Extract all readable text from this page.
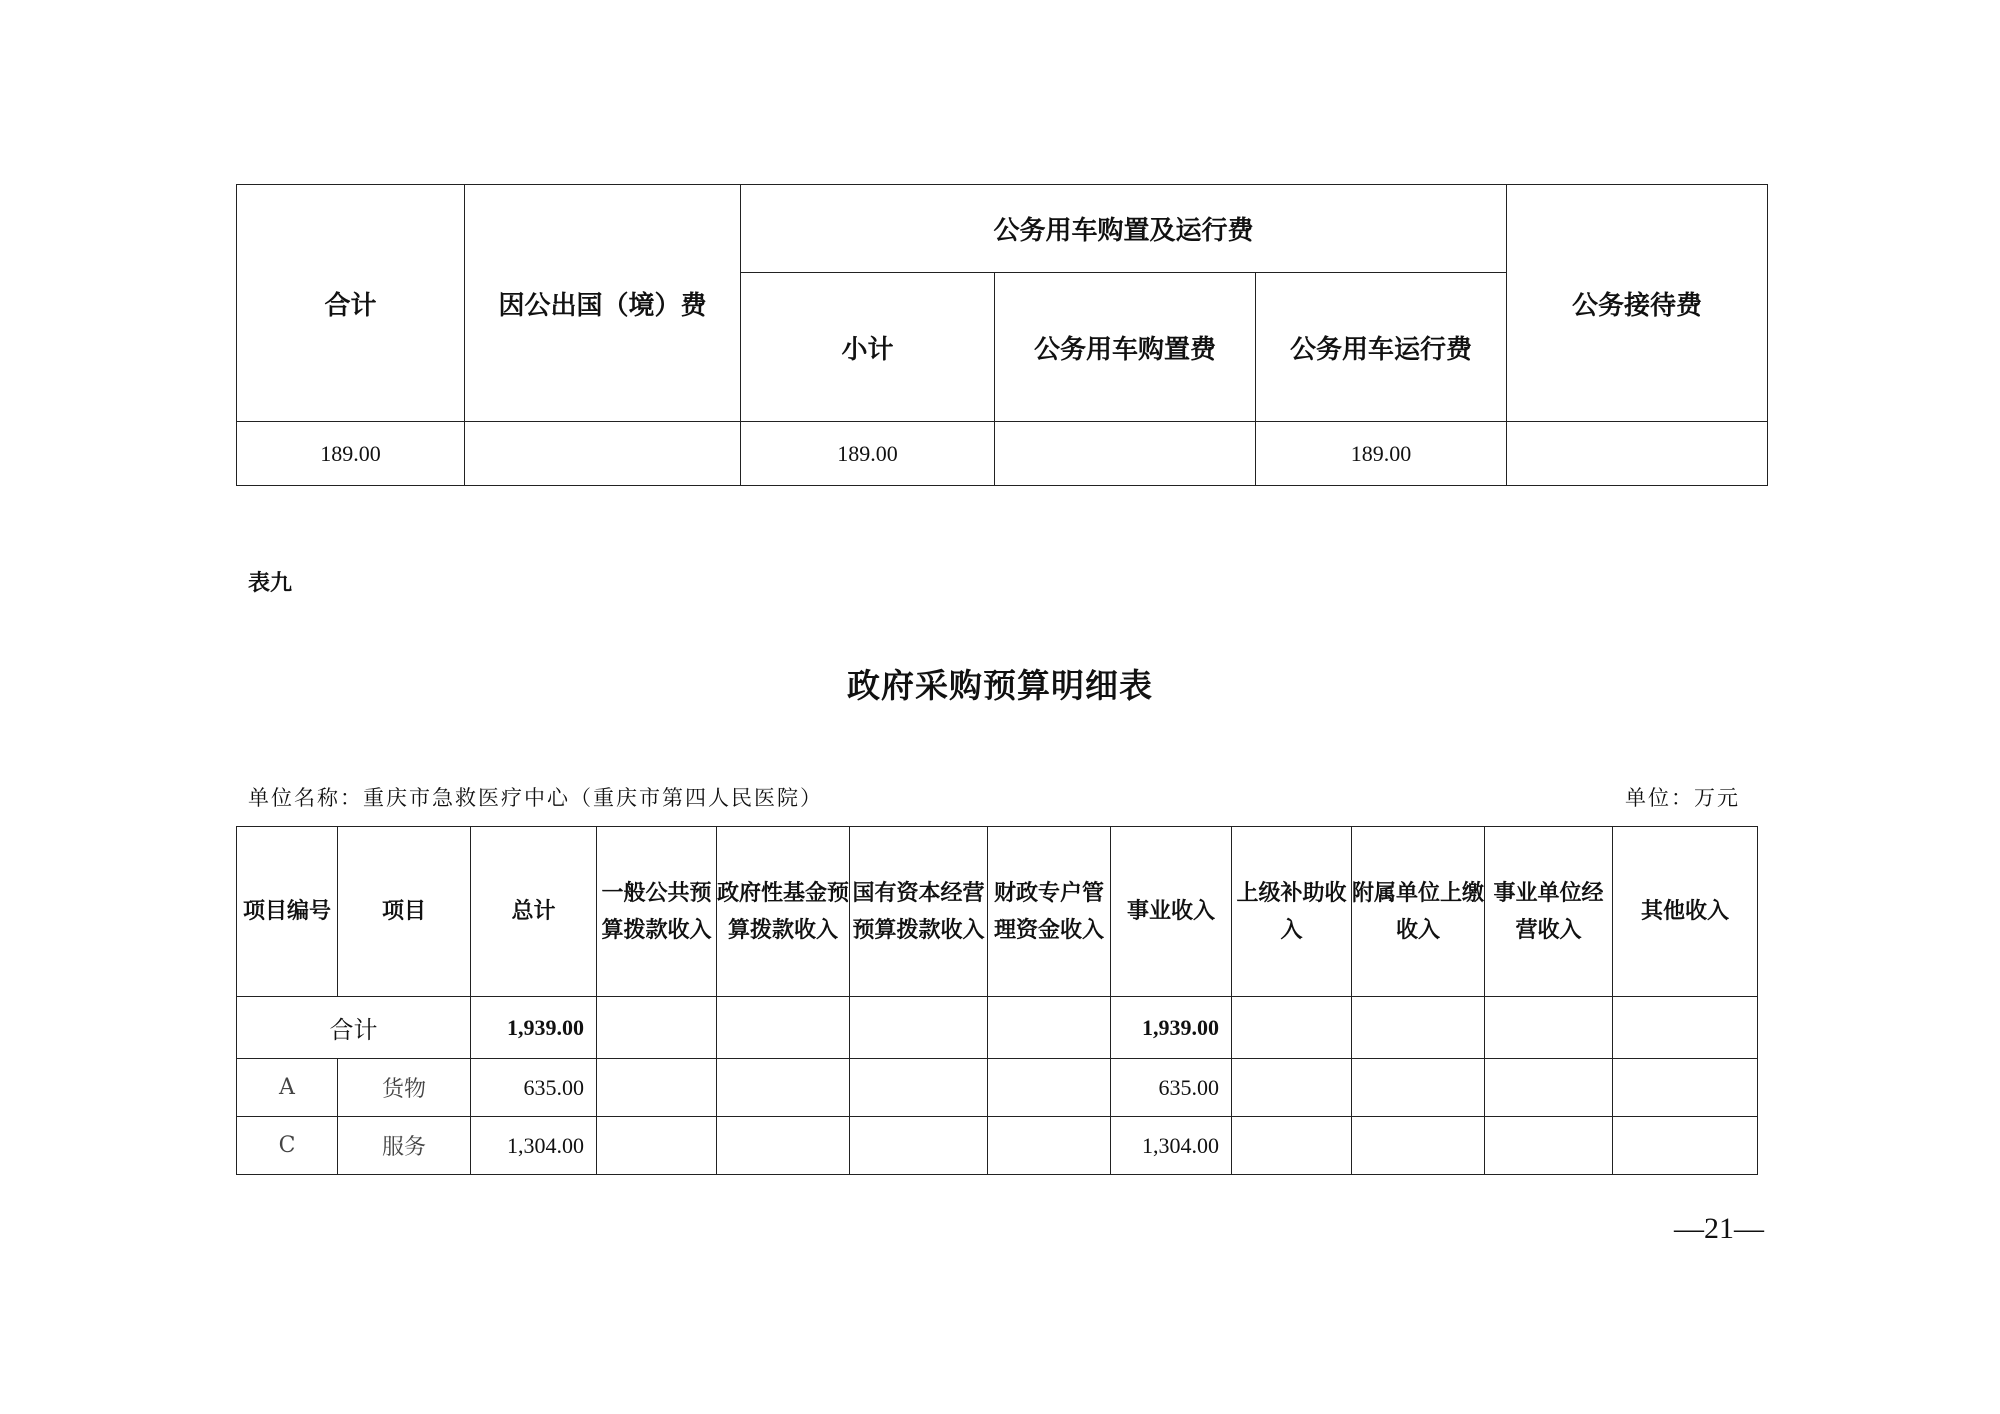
合计	因公出国（境）费	公务用车购置及运行费			公务接待费
		小计	公务用车购置费	公务用车运行费	
189.00		189.00		189.00	
表九
政府采购预算明细表
单位名称：重庆市急救医疗中心（重庆市第四人民医院）	单位：万元
项目编号	项目	总计	一般公共预算拨款收入	政府性基金预算拨款收入	国有资本经营预算拨款收入	财政专户管理资金收入	事业收入	上级补助收入	附属单位上缴收入	事业单位经营收入	其他收入
合计		1,939.00					1,939.00				
A	货物	635.00					635.00				
C	服务	1,304.00					1,304.00				
—21—
